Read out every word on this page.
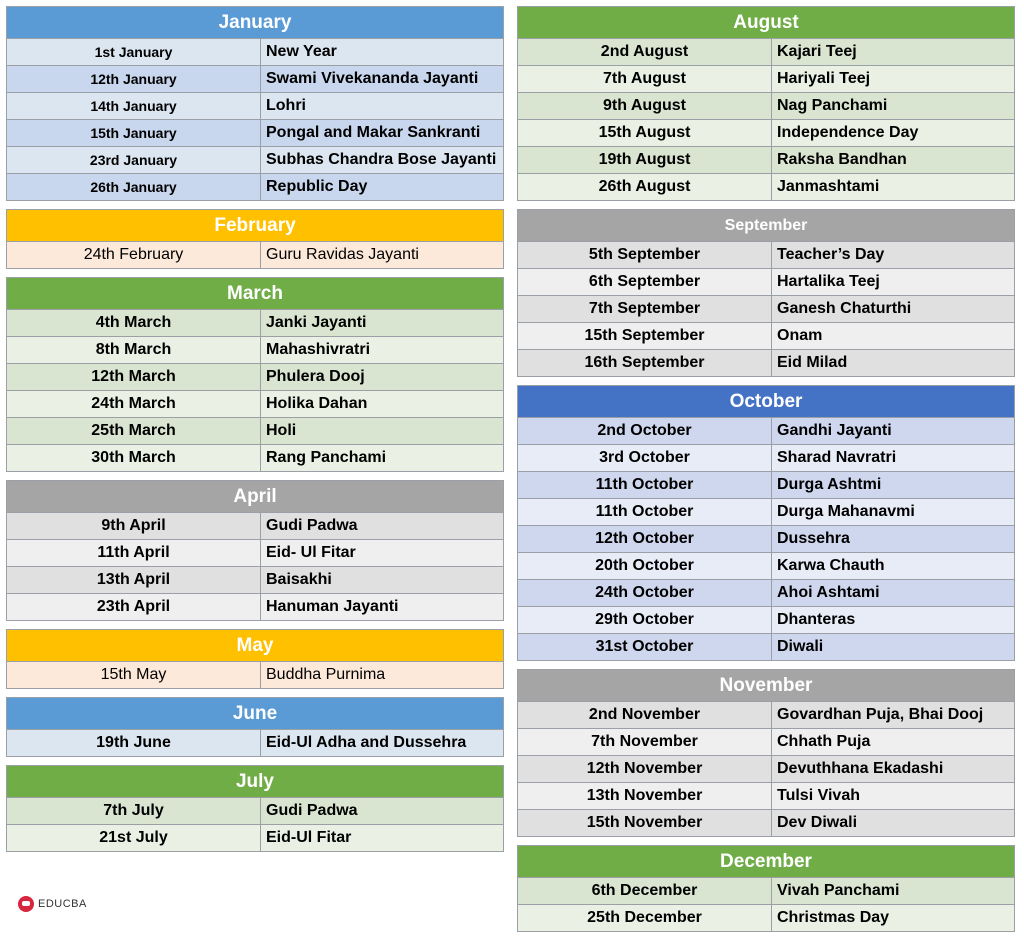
January
1st January	New Year
12th January	Swami Vivekananda Jayanti
14th January	Lohri
15th January	Pongal and Makar Sankranti
23rd January	Subhas Chandra Bose Jayanti
26th January	Republic Day
February
24th February	Guru Ravidas Jayanti
March
4th March	Janki Jayanti
8th March	Mahashivratri
12th March	Phulera Dooj
24th March	Holika Dahan
25th March	Holi
30th March	Rang Panchami
April
9th April	Gudi Padwa
11th April	Eid- Ul Fitar
13th April	Baisakhi
23th April	Hanuman Jayanti
May
15th May	Buddha Purnima
June
19th June	Eid-Ul Adha and Dussehra
July
7th July	Gudi Padwa
21st July	Eid-Ul Fitar
August
2nd August	Kajari Teej
7th August	Hariyali Teej
9th August	Nag Panchami
15th August	Independence Day
19th August	Raksha Bandhan
26th August	Janmashtami
September
5th September	Teacher’s Day
6th September	Hartalika Teej
7th September	Ganesh Chaturthi
15th September	Onam
16th September	Eid Milad
October
2nd October	Gandhi Jayanti
3rd October	Sharad Navratri
11th October	Durga Ashtmi
11th October	Durga Mahanavmi
12th October	Dussehra
20th October	Karwa Chauth
24th October	Ahoi Ashtami
29th October	Dhanteras
31st October	Diwali
November
2nd November	Govardhan Puja, Bhai Dooj
7th November	Chhath Puja
12th November	Devuthhana Ekadashi
13th November	Tulsi Vivah
15th November	Dev Diwali
December
6th December	Vivah Panchami
25th December	Christmas Day
EDUCBA
